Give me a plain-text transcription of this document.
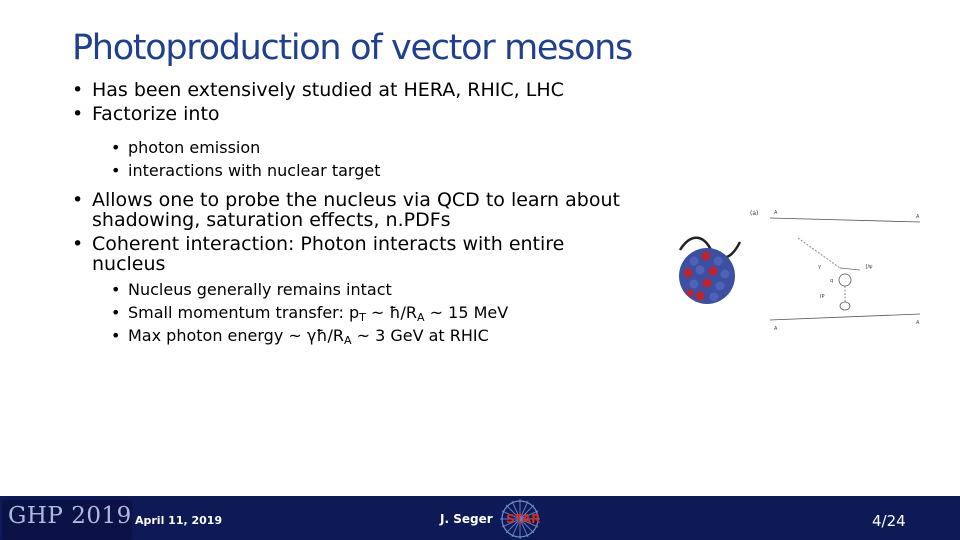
Photoproduction of vector mesons

• Has been extensively studied at HERA, RHIC, LHC

• Factorize into

• photon emission

• interactions with nuclear target

• Allows one to probe the nucleus via QCD to learn about shadowing, saturation effects, n.PDFs

• Coherent interaction: Photon interacts with entire nucleus

• Nucleus generally remains intact

• Small momentum transfer: $p_T$ ~ $ħ/R_A$ ~ 15 MeV

• Max photon energy ~ $\gamma ħ/R_A$ ~ 3 GeV at RHIC

(a)	A
A
γ	J/ψ
q
IP
A
A
GHP 2019 April 11, 2019	J. Seger STAR	4/24
